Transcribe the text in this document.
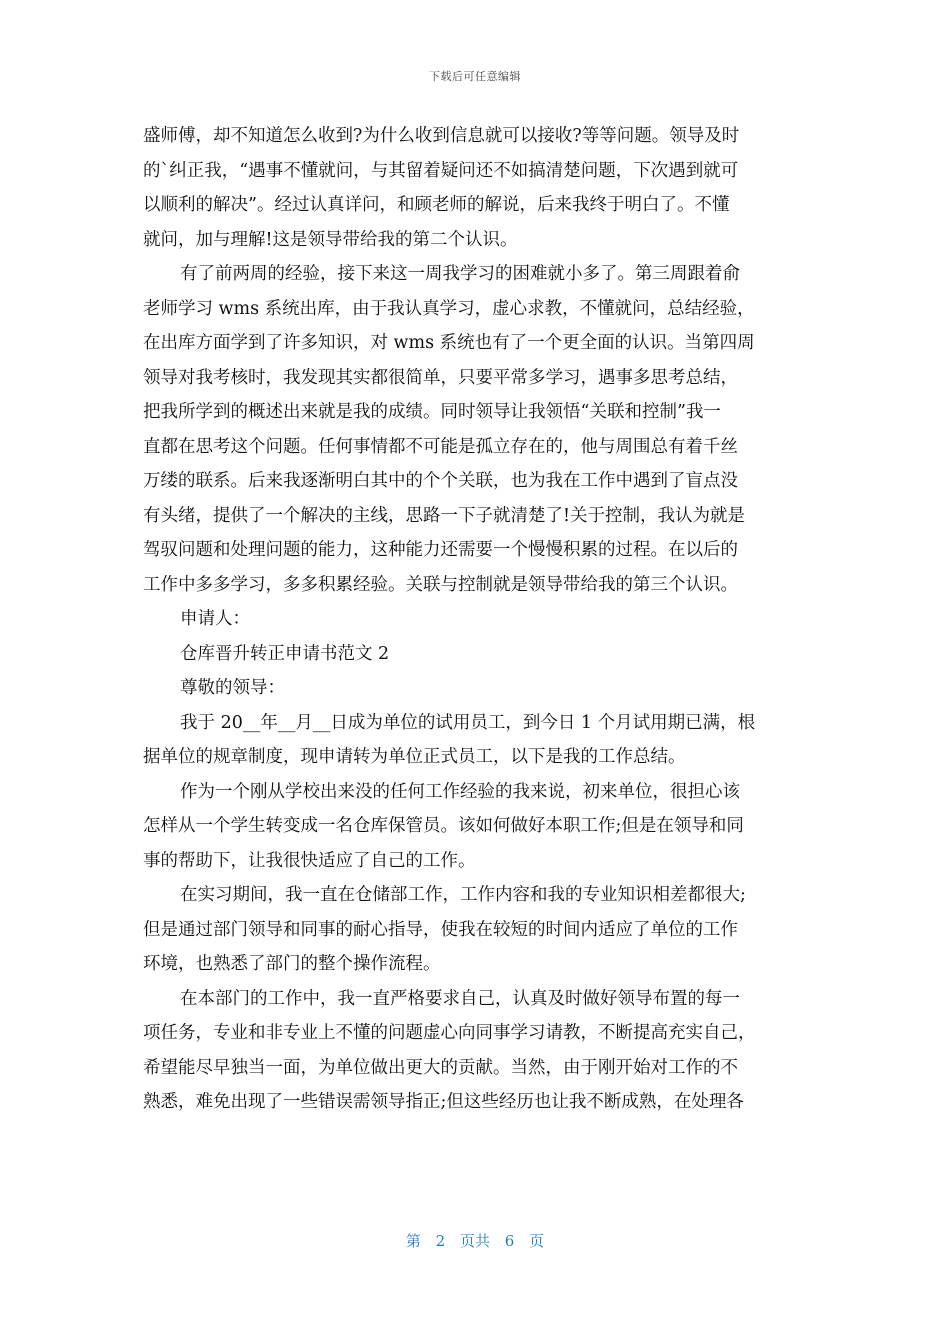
下载后可任意编辑
盛师傅，却不知道怎么收到?为什么收到信息就可以接收?等等问题。领导及时
的`纠正我，“遇事不懂就问，与其留着疑问还不如搞清楚问题，下次遇到就可
以顺利的解决”。经过认真详问，和顾老师的解说，后来我终于明白了。不懂
就问，加与理解!这是领导带给我的第二个认识。
有了前两周的经验，接下来这一周我学习的困难就小多了。第三周跟着俞
老师学习 wms 系统出库，由于我认真学习，虚心求教，不懂就问，总结经验，
在出库方面学到了许多知识，对 wms 系统也有了一个更全面的认识。当第四周
领导对我考核时，我发现其实都很简单，只要平常多学习，遇事多思考总结，
把我所学到的概述出来就是我的成绩。同时领导让我领悟“关联和控制”我一
直都在思考这个问题。任何事情都不可能是孤立存在的，他与周围总有着千丝
万缕的联系。后来我逐渐明白其中的个个关联，也为我在工作中遇到了盲点没
有头绪，提供了一个解决的主线，思路一下子就清楚了!关于控制，我认为就是
驾驭问题和处理问题的能力，这种能力还需要一个慢慢积累的过程。在以后的
工作中多多学习，多多积累经验。关联与控制就是领导带给我的第三个认识。
申请人：
仓库晋升转正申请书范文 2
尊敬的领导：
我于 20__年__月__日成为单位的试用员工，到今日 1 个月试用期已满，根
据单位的规章制度，现申请转为单位正式员工，以下是我的工作总结。
作为一个刚从学校出来没的任何工作经验的我来说，初来单位，很担心该
怎样从一个学生转变成一名仓库保管员。该如何做好本职工作;但是在领导和同
事的帮助下，让我很快适应了自己的工作。
在实习期间，我一直在仓储部工作，工作内容和我的专业知识相差都很大;
但是通过部门领导和同事的耐心指导，使我在较短的时间内适应了单位的工作
环境，也熟悉了部门的整个操作流程。
在本部门的工作中，我一直严格要求自己，认真及时做好领导布置的每一
项任务，专业和非专业上不懂的问题虚心向同事学习请教，不断提高充实自己，
希望能尽早独当一面，为单位做出更大的贡献。当然，由于刚开始对工作的不
熟悉，难免出现了一些错误需领导指正;但这些经历也让我不断成熟，在处理各
第 2 页共 6 页
